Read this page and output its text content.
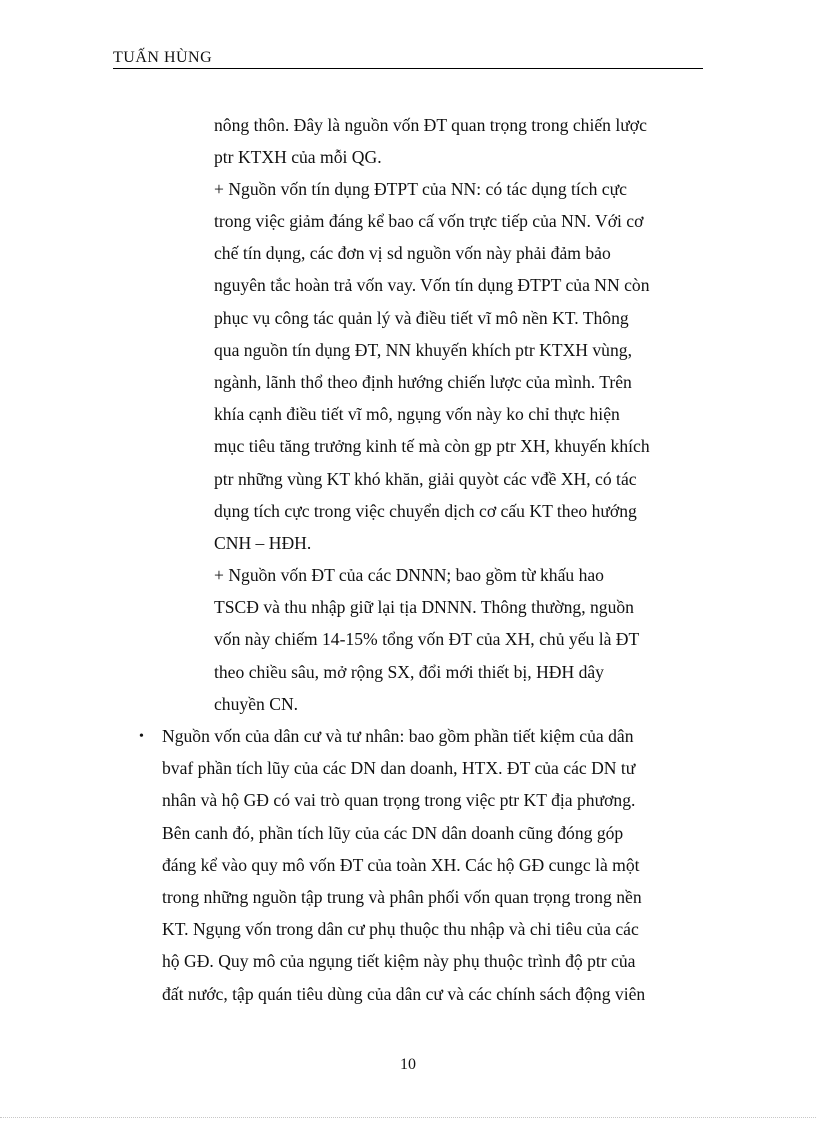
TUẤN HÙNG
nông thôn. Đây là nguồn vốn ĐT quan trọng trong chiến lược
ptr KTXH của mỗi QG.
+ Nguồn vốn tín dụng ĐTPT của NN: có tác dụng tích cực
trong việc giảm đáng kể bao cấ vốn trực tiếp của NN. Với cơ
chế tín dụng, các đơn vị sd nguồn vốn này phải đảm bảo
nguyên tắc hoàn trả vốn vay. Vốn tín dụng ĐTPT của NN còn
phục vụ công tác quản lý và điều tiết vĩ mô nền KT. Thông
qua nguồn tín dụng ĐT, NN khuyến khích ptr KTXH vùng,
ngành, lãnh thổ theo định hướng chiến lược của mình. Trên
khía cạnh điều tiết vĩ mô, ngụng vốn này ko chỉ thực hiện
mục tiêu tăng trưởng kinh tế mà còn gp ptr XH, khuyến khích
ptr những vùng KT khó khăn, giải quyòt các vđề XH, có tác
dụng tích cực trong việc chuyển dịch cơ cấu KT theo hướng
CNH – HĐH.
+ Nguồn vốn ĐT của các DNNN; bao gồm từ khấu hao
TSCĐ và thu nhập giữ lại tịa DNNN. Thông thường, nguồn
vốn này chiếm 14-15% tổng vốn ĐT của XH, chủ yếu là ĐT
theo chiều sâu, mở rộng SX, đổi mới thiết bị, HĐH dây
chuyền CN.
• Nguồn vốn của dân cư và tư nhân: bao gồm phần tiết kiệm của dân
bvaf phần tích lũy của các DN dan doanh, HTX. ĐT của các DN tư
nhân và hộ GĐ có vai trò quan trọng trong việc ptr KT địa phương.
Bên canh đó, phần tích lũy của các DN dân doanh cũng đóng góp
đáng kể vào quy mô vốn ĐT của toàn XH. Các hộ GĐ cungc là một
trong những nguồn tập trung và phân phối vốn quan trọng trong nền
KT. Ngụng vốn trong dân cư phụ thuộc thu nhập và chi tiêu của các
hộ GĐ. Quy mô của ngụng tiết kiệm này phụ thuộc trình độ ptr của
đất nước, tập quán tiêu dùng của dân cư và các chính sách động viên
10
